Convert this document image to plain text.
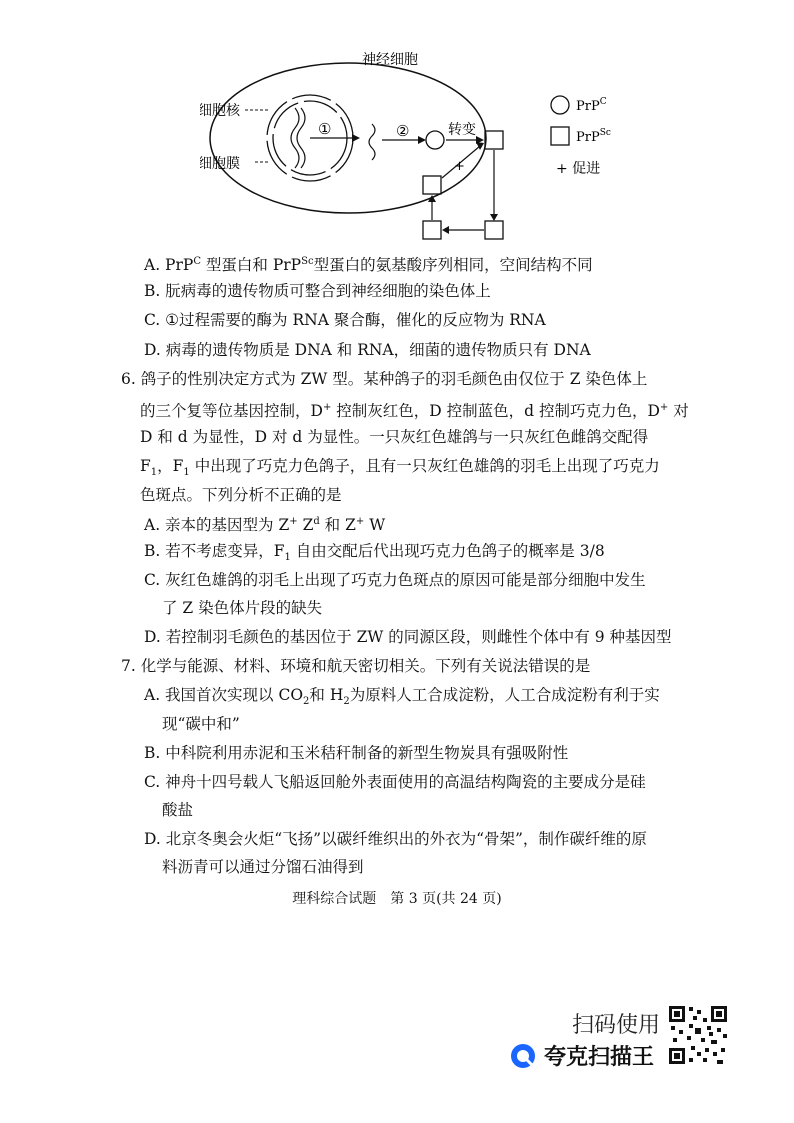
神经细胞
细胞核
细胞膜
①	②	转变
+
PrP$^C$
PrP$^{Sc}$
+ 促进
A. PrP$^C$ 型蛋白和 PrP$^{Sc}$型蛋白的氨基酸序列相同，空间结构不同
B. 朊病毒的遗传物质可整合到神经细胞的染色体上
C. ①过程需要的酶为 RNA 聚合酶，催化的反应物为 RNA
D. 病毒的遗传物质是 DNA 和 RNA，细菌的遗传物质只有 DNA
6. 鸽子的性别决定方式为 ZW 型。某种鸽子的羽毛颜色由仅位于 Z 染色体上
的三个复等位基因控制，D+ 控制灰红色，D 控制蓝色，d 控制巧克力色，D+ 对
D 和 d 为显性，D 对 d 为显性。一只灰红色雄鸽与一只灰红色雌鸽交配得
$F_1$，$F_1$ 中出现了巧克力色鸽子，且有一只灰红色雄鸽的羽毛上出现了巧克力
色斑点。下列分析不正确的是
A. 亲本的基因型为 Z+ $Z^d$ 和 Z+ W
B. 若不考虑变异，$F_1$ 自由交配后代出现巧克力色鸽子的概率是 3/8
C. 灰红色雄鸽的羽毛上出现了巧克力色斑点的原因可能是部分细胞中发生
了 Z 染色体片段的缺失
D. 若控制羽毛颜色的基因位于 ZW 的同源区段，则雌性个体中有 9 种基因型
7. 化学与能源、材料、环境和航天密切相关。下列有关说法错误的是
A. 我国首次实现以 $CO_2$和 $H_2$为原料人工合成淀粉，人工合成淀粉有利于实
现“碳中和”
B. 中科院利用赤泥和玉米秸秆制备的新型生物炭具有强吸附性
C. 神舟十四号载人飞船返回舱外表面使用的高温结构陶瓷的主要成分是硅
酸盐
D. 北京冬奥会火炬“飞扬”以碳纤维织出的外衣为“骨架”，制作碳纤维的原
料沥青可以通过分馏石油得到
理科综合试题　第 3 页(共 24 页)
扫码使用
夸克扫描王
